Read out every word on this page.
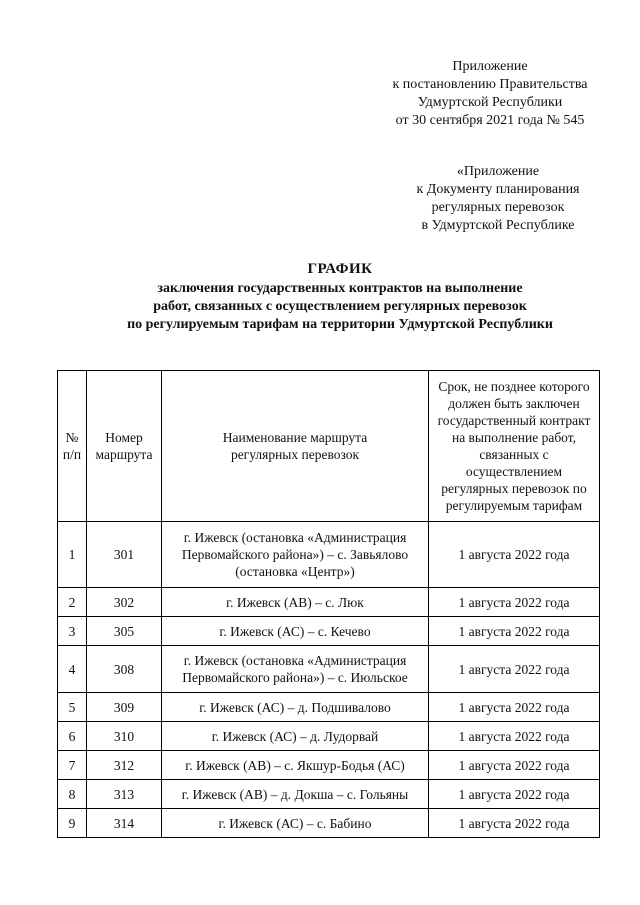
Приложение
к постановлению Правительства
Удмуртской Республики
от 30 сентября 2021 года № 545
«Приложение
к Документу планирования
регулярных перевозок
в Удмуртской Республике
ГРАФИК
заключения государственных контрактов на выполнение
работ, связанных с осуществлением регулярных перевозок
по регулируемым тарифам на территории Удмуртской Республики
№ п/п	Номер маршрута	Наименование маршрута регулярных перевозок	Срок, не позднее которого должен быть заключен государственный контракт на выполнение работ, связанных с осуществлением регулярных перевозок по регулируемым тарифам
1	301	г. Ижевск (остановка «Администрация Первомайского района») – с. Завьялово (остановка «Центр»)	1 августа 2022 года
2	302	г. Ижевск (АВ) – с. Люк	1 августа 2022 года
3	305	г. Ижевск (АС) – с. Кечево	1 августа 2022 года
4	308	г. Ижевск (остановка «Администрация Первомайского района») – с. Июльское	1 августа 2022 года
5	309	г. Ижевск (АС) – д. Подшивалово	1 августа 2022 года
6	310	г. Ижевск (АС) – д. Лудорвай	1 августа 2022 года
7	312	г. Ижевск (АВ) – с. Якшур-Бодья (АС)	1 августа 2022 года
8	313	г. Ижевск (АВ) – д. Докша – с. Гольяны	1 августа 2022 года
9	314	г. Ижевск (АС) – с. Бабино	1 августа 2022 года
